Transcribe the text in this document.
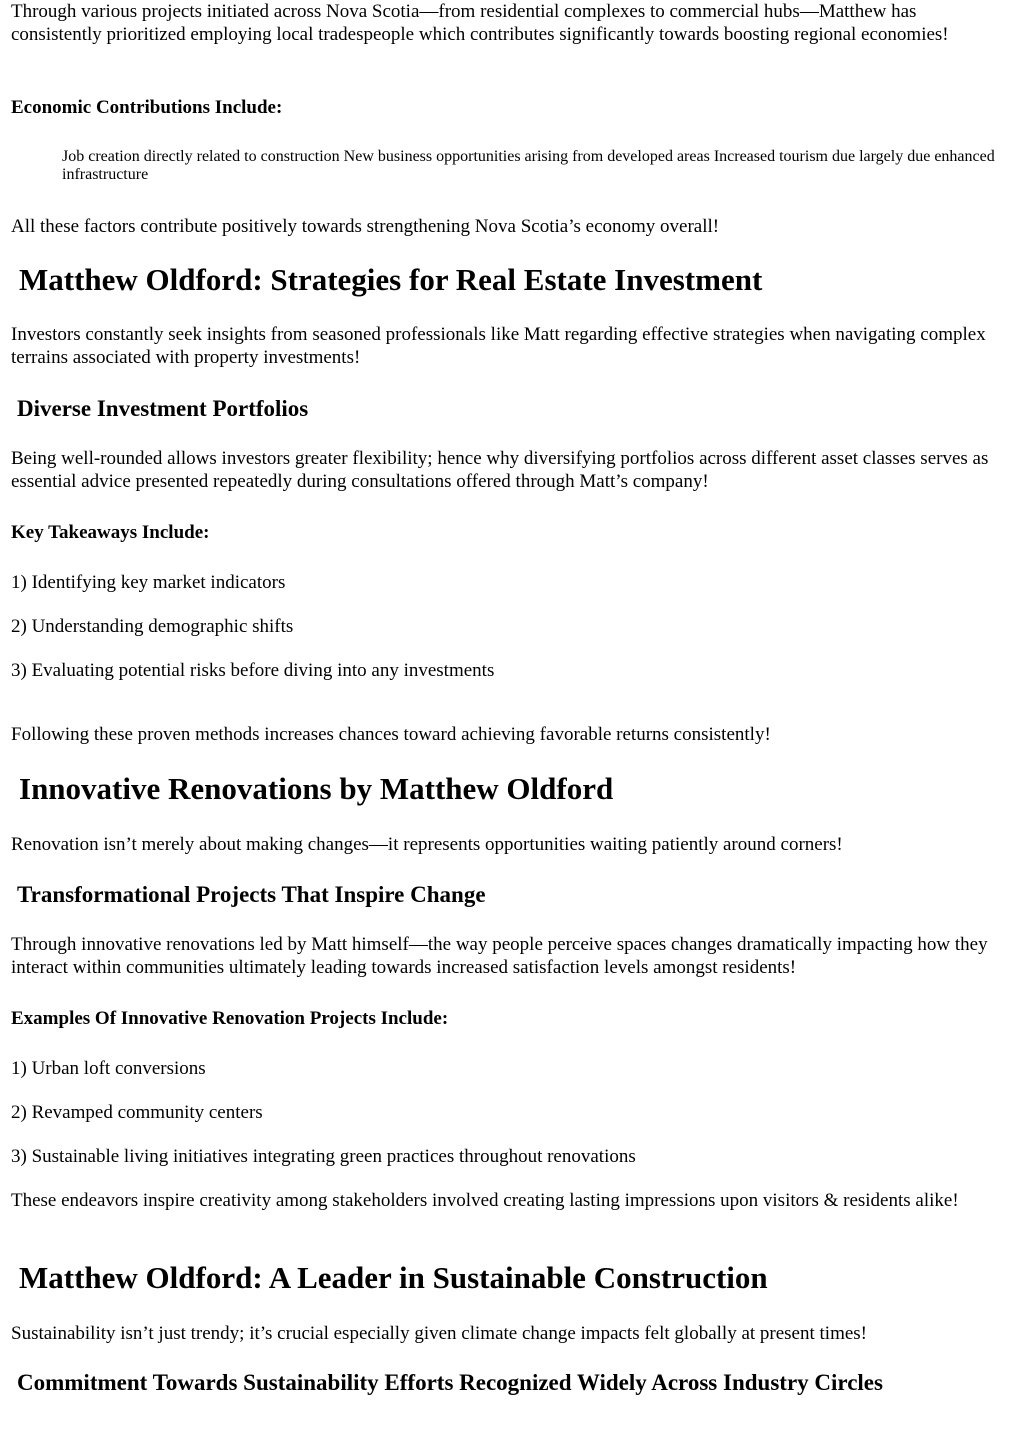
Through various projects initiated across Nova Scotia—from residential complexes to commercial hubs—Matthew has consistently prioritized employing local tradespeople which contributes significantly towards boosting regional economies!

Economic Contributions Include:
Job creation directly related to construction New business opportunities arising from developed areas Increased tourism due largely due enhanced infrastructure

All these factors contribute positively towards strengthening Nova Scotia’s economy overall!

Matthew Oldford: Strategies for Real Estate Investment

Investors constantly seek insights from seasoned professionals like Matt regarding effective strategies when navigating complex terrains associated with property investments!

Diverse Investment Portfolios

Being well-rounded allows investors greater flexibility; hence why diversifying portfolios across different asset classes serves as essential advice presented repeatedly during consultations offered through Matt’s company!

Key Takeaways Include:

1) Identifying key market indicators

2) Understanding demographic shifts

3) Evaluating potential risks before diving into any investments

Following these proven methods increases chances toward achieving favorable returns consistently!

Innovative Renovations by Matthew Oldford

Renovation isn’t merely about making changes—it represents opportunities waiting patiently around corners!

Transformational Projects That Inspire Change

Through innovative renovations led by Matt himself—the way people perceive spaces changes dramatically impacting how they interact within communities ultimately leading towards increased satisfaction levels amongst residents!

Examples Of Innovative Renovation Projects Include:

1) Urban loft conversions

2) Revamped community centers

3) Sustainable living initiatives integrating green practices throughout renovations

These endeavors inspire creativity among stakeholders involved creating lasting impressions upon visitors & residents alike!

Matthew Oldford: A Leader in Sustainable Construction

Sustainability isn’t just trendy; it’s crucial especially given climate change impacts felt globally at present times!

Commitment Towards Sustainability Efforts Recognized Widely Across Industry Circles
